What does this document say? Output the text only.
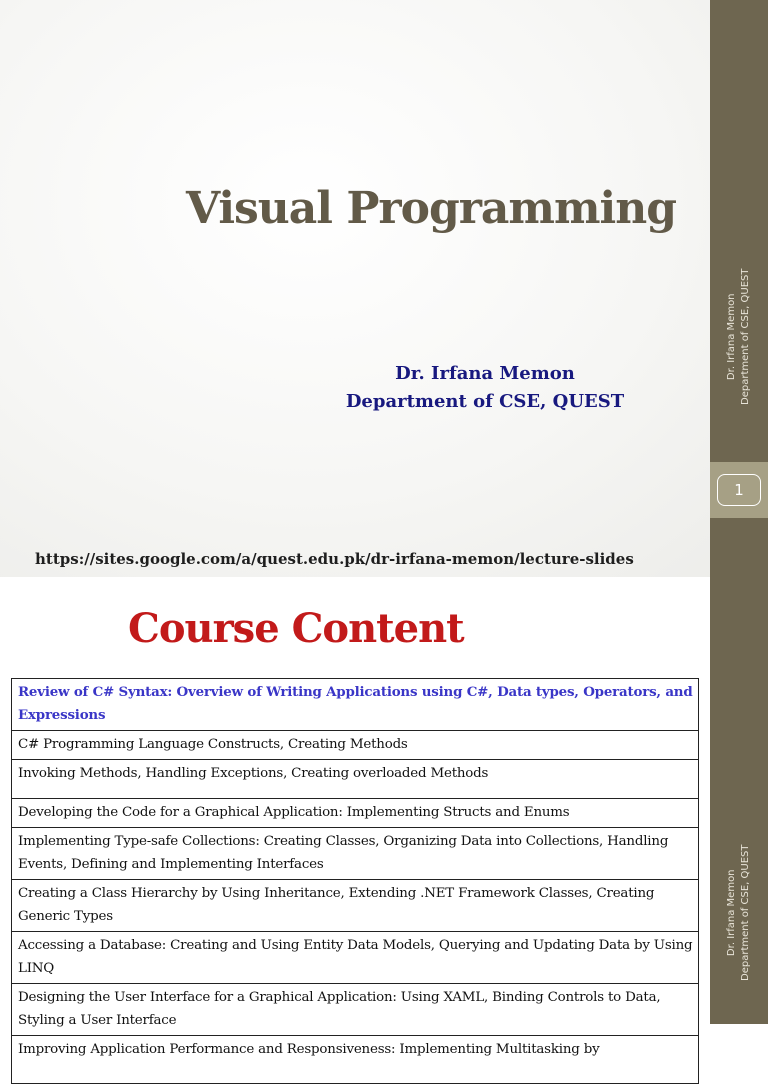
Dr. Irfana Memon Department of CSE, QUEST
1
Visual Programming
Dr. Irfana Memon
Department of CSE, QUEST
https://sites.google.com/a/quest.edu.pk/dr-irfana-memon/lecture-slides
Dr. Irfana Memon Department of CSE, QUEST
Course Content
Review of C# Syntax: Overview of Writing Applications using C#, Data types, Operators, and Expressions
C# Programming Language Constructs, Creating Methods
Invoking Methods, Handling Exceptions, Creating overloaded Methods
Developing the Code for a Graphical Application: Implementing Structs and Enums
Implementing Type-safe Collections: Creating Classes, Organizing Data into Collections, Handling Events, Defining and Implementing Interfaces
Creating a Class Hierarchy by Using Inheritance, Extending .NET Framework Classes, Creating Generic Types
Accessing a Database: Creating and Using Entity Data Models, Querying and Updating Data by Using LINQ
Designing the User Interface for a Graphical Application: Using XAML, Binding Controls to Data, Styling a User Interface
Improving Application Performance and Responsiveness: Implementing Multitasking by
